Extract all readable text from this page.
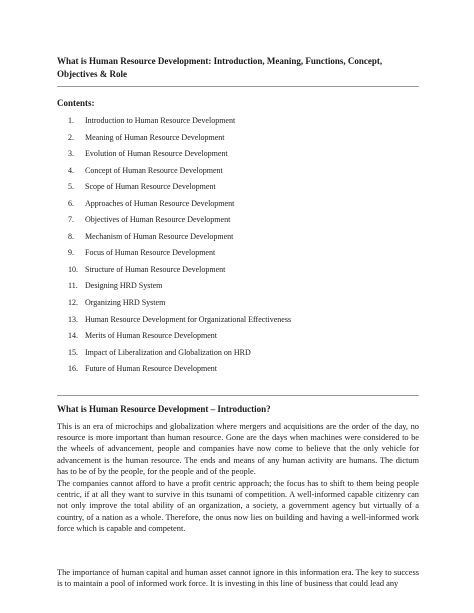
What is Human Resource Development: Introduction, Meaning, Functions, Concept, Objectives & Role
Contents:
1.	Introduction to Human Resource Development
2.	Meaning of Human Resource Development
3.	Evolution of Human Resource Development
4.	Concept of Human Resource Development
5.	Scope of Human Resource Development
6.	Approaches of Human Resource Development
7.	Objectives of Human Resource Development
8.	Mechanism of Human Resource Development
9.	Focus of Human Resource Development
10. Structure of Human Resource Development
11. Designing HRD System
12. Organizing HRD System
13. Human Resource Development for Organizational Effectiveness
14. Merits of Human Resource Development
15. Impact of Liberalization and Globalization on HRD
16. Future of Human Resource Development
What is Human Resource Development – Introduction?

This is an era of microchips and globalization where mergers and acquisitions are the order of the day, no resource is more important than human resource. Gone are the days when machines were considered to be the wheels of advancement, people and companies have now come to believe that the only vehicle for advancement is the human resource. The ends and means of any human activity are humans. The dictum has to be of by the people, for the people and of the people.

The companies cannot afford to have a profit centric approach; the focus has to shift to them being people centric, if at all they want to survive in this tsunami of competition. A well-informed capable citizenry can not only improve the total ability of an organization, a society, a government agency but virtually of a country, of a nation as a whole. Therefore, the onus now lies on building and having a well-informed work force which is capable and competent.

The importance of human capital and human asset cannot ignore in this information era. The key to success is to maintain a pool of informed work force. It is investing in this line of business that could lead any
